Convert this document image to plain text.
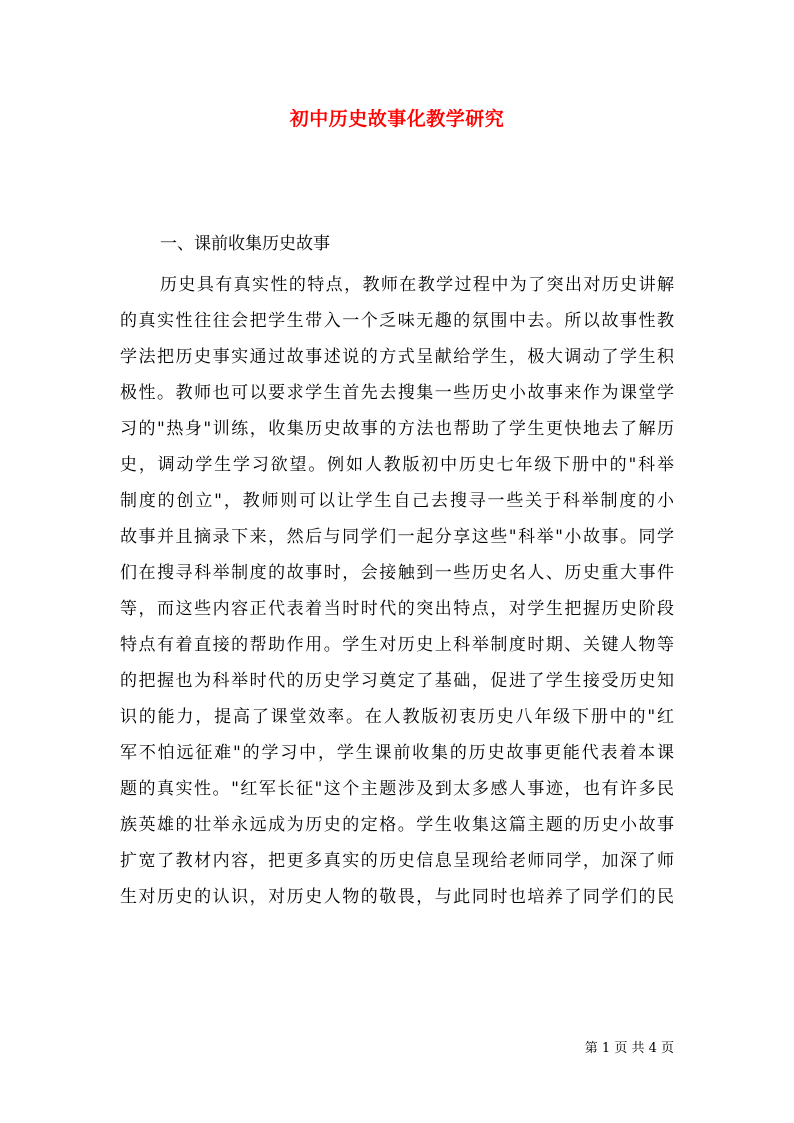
初中历史故事化教学研究

一、课前收集历史故事

历史具有真实性的特点，教师在教学过程中为了突出对历史讲解
的真实性往往会把学生带入一个乏味无趣的氛围中去。所以故事性教
学法把历史事实通过故事述说的方式呈献给学生，极大调动了学生积
极性。教师也可以要求学生首先去搜集一些历史小故事来作为课堂学
习的"热身"训练，收集历史故事的方法也帮助了学生更快地去了解历
史，调动学生学习欲望。例如人教版初中历史七年级下册中的"科举
制度的创立"，教师则可以让学生自己去搜寻一些关于科举制度的小
故事并且摘录下来，然后与同学们一起分享这些"科举"小故事。同学
们在搜寻科举制度的故事时，会接触到一些历史名人、历史重大事件
等，而这些内容正代表着当时时代的突出特点，对学生把握历史阶段
特点有着直接的帮助作用。学生对历史上科举制度时期、关键人物等
的把握也为科举时代的历史学习奠定了基础，促进了学生接受历史知
识的能力，提高了课堂效率。在人教版初衷历史八年级下册中的"红
军不怕远征难"的学习中，学生课前收集的历史故事更能代表着本课
题的真实性。"红军长征"这个主题涉及到太多感人事迹，也有许多民
族英雄的壮举永远成为历史的定格。学生收集这篇主题的历史小故事
扩宽了教材内容，把更多真实的历史信息呈现给老师同学，加深了师
生对历史的认识，对历史人物的敬畏，与此同时也培养了同学们的民

第 1 页 共 4 页
